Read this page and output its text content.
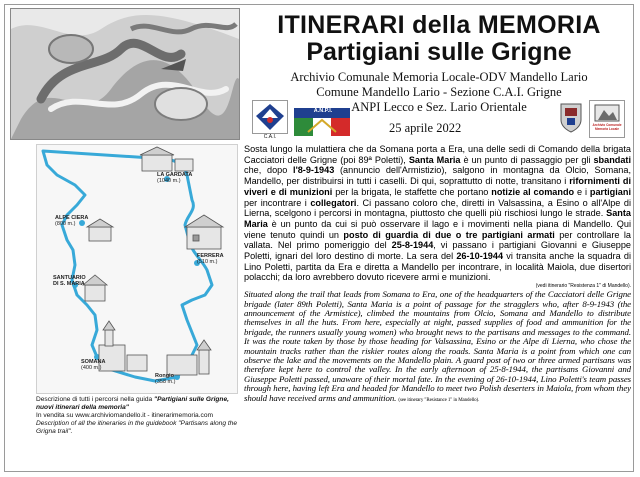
ITINERARI della MEMORIA
Partigiani sulle Grigne
Archivio Comunale Memoria Locale-ODV Mandello Lario
Comune Mandello Lario - Sezione C.A.I. Grigne
ANPI Lecco e Sez. Lario Orientale
25 aprile 2022
C.A.I.
A.N.P.I.
Archivio Comunale Memoria Locale
LA GARDATA
(1040 m.)
ALPE CIERA
(800 m.)
FERRERA
(510 m.)
SANTUARIO
DI S. MARIA
SOMANA
(400 m.)
Rongio
(358 m.)
Descrizione di tutti i percorsi nella guida "Partigiani sulle Grigne, nuovi itinerari della memoria"
In vendita su www.archiviomandello.it - itinerarimemoria.com
Description of all the itineraries in the guidebook "Partisans along the Grigna trail".

Sosta lungo la mulattiera che da Somana porta a Era, una delle sedi di Comando della brigata Cacciatori delle Grigne (poi 89ª Poletti), Santa Maria è un punto di passaggio per gli sbandati che, dopo l'8-9-1943 (annuncio dell'Armistizio), salgono in montagna da Olcio, Somana, Mandello, per distribuirsi in tutti i caselli. Di qui, soprattutto di notte, transitano i rifornimenti di viveri e di munizioni per la brigata, le staffette che portano notizie al comando e i partigiani per incontrare i collegatori. Ci passano coloro che, diretti in Valsassina, a Esino o all'Alpe di Lierna, scelgono i percorsi in montagna, piuttosto che quelli più rischiosi lungo le strade. Santa Maria è un punto da cui si può osservare il lago e i movimenti nella piana di Mandello. Qui viene tenuto quindi un posto di guardia di due o tre partigiani armati per controllare la vallata. Nel primo pomeriggio del 25-8-1944, vi passano i partigiani Giovanni e Giuseppe Poletti, ignari del loro destino di morte. La sera del 26-10-1944 vi transita anche la squadra di Lino Poletti, partita da Era e diretta a Mandello per incontrare, in località Maiola, due disertori polacchi; da loro avrebbero dovuto ricevere armi e munizioni.

(vedi itinerario "Resistenza 1" di Mandello).

Situated along the trail that leads from Somana to Era, one of the headquarters of the Cacciatori delle Grigne brigade (later 89th Poletti), Santa Maria is a point of passage for the stragglers who, after 8-9-1943 (the announcement of the Armistice), climbed the mountains from Olcio, Somana and Mandello to distribute themselves in all the huts. From here, especially at night, passed supplies of food and ammunition for the brigade, the runners usually young women) who brought news to the partisans and messages to the command. It was the route taken by those by those heading for Valsassina, Esino or the Alpe di Lierna, who chose the mountain tracks rather than the riskier routes along the roads. Santa Maria is a point from which one can observe the lake and the movements on the Mandello plain. A guard post of two or three armed partisans was therefore kept here to control the valley. In the early afternoon of 25-8-1944, the partisans Giovanni and Giuseppe Poletti passed, unaware of their mortal fate. In the evening of 26-10-1944, Lino Poletti's team passes through here, having left Era and headed for Mandello to meet two Polish deserters in Maiola, from whom they should have received arms and ammunition. (see itinerary "Resistance 1" in Mandello).
